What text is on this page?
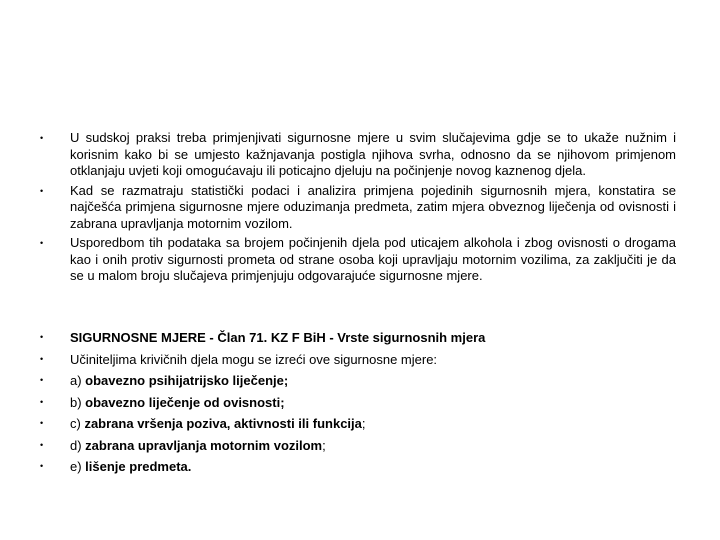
• U sudskoj praksi treba primjenjivati sigurnosne mjere u svim slučajevima gdje se to ukaže nužnim i korisnim kako bi se umjesto kažnjavanja postigla njihova svrha, odnosno da se njihovom primjenom otklanjaju uvjeti koji omogućavaju ili poticajno djeluju na počinjenje novog kaznenog djela.
• Kad se razmatraju statistički podaci i analizira primjena pojedinih sigurnosnih mjera, konstatira se najčešća primjena sigurnosne mjere oduzimanja predmeta, zatim mjera obveznog liječenja od ovisnosti i zabrana upravljanja motornim vozilom.
• Usporedbom tih podataka sa brojem počinjenih djela pod uticajem alkohola i zbog ovisnosti o drogama kao i onih protiv sigurnosti prometa od strane osoba koji upravljaju motornim vozilima, za zaključiti je da se u malom broju slučajeva primjenjuju odgovarajuće sigurnosne mjere.
• SIGURNOSNE MJERE - Član 71. KZ F BiH - Vrste sigurnosnih mjera
• Učiniteljima krivičnih djela mogu se izreći ove sigurnosne mjere:
• a) obavezno psihijatrijsko liječenje;
• b) obavezno liječenje od ovisnosti;
• c) zabrana vršenja poziva, aktivnosti ili funkcija;
• d) zabrana upravljanja motornim vozilom;
• e) lišenje predmeta.
